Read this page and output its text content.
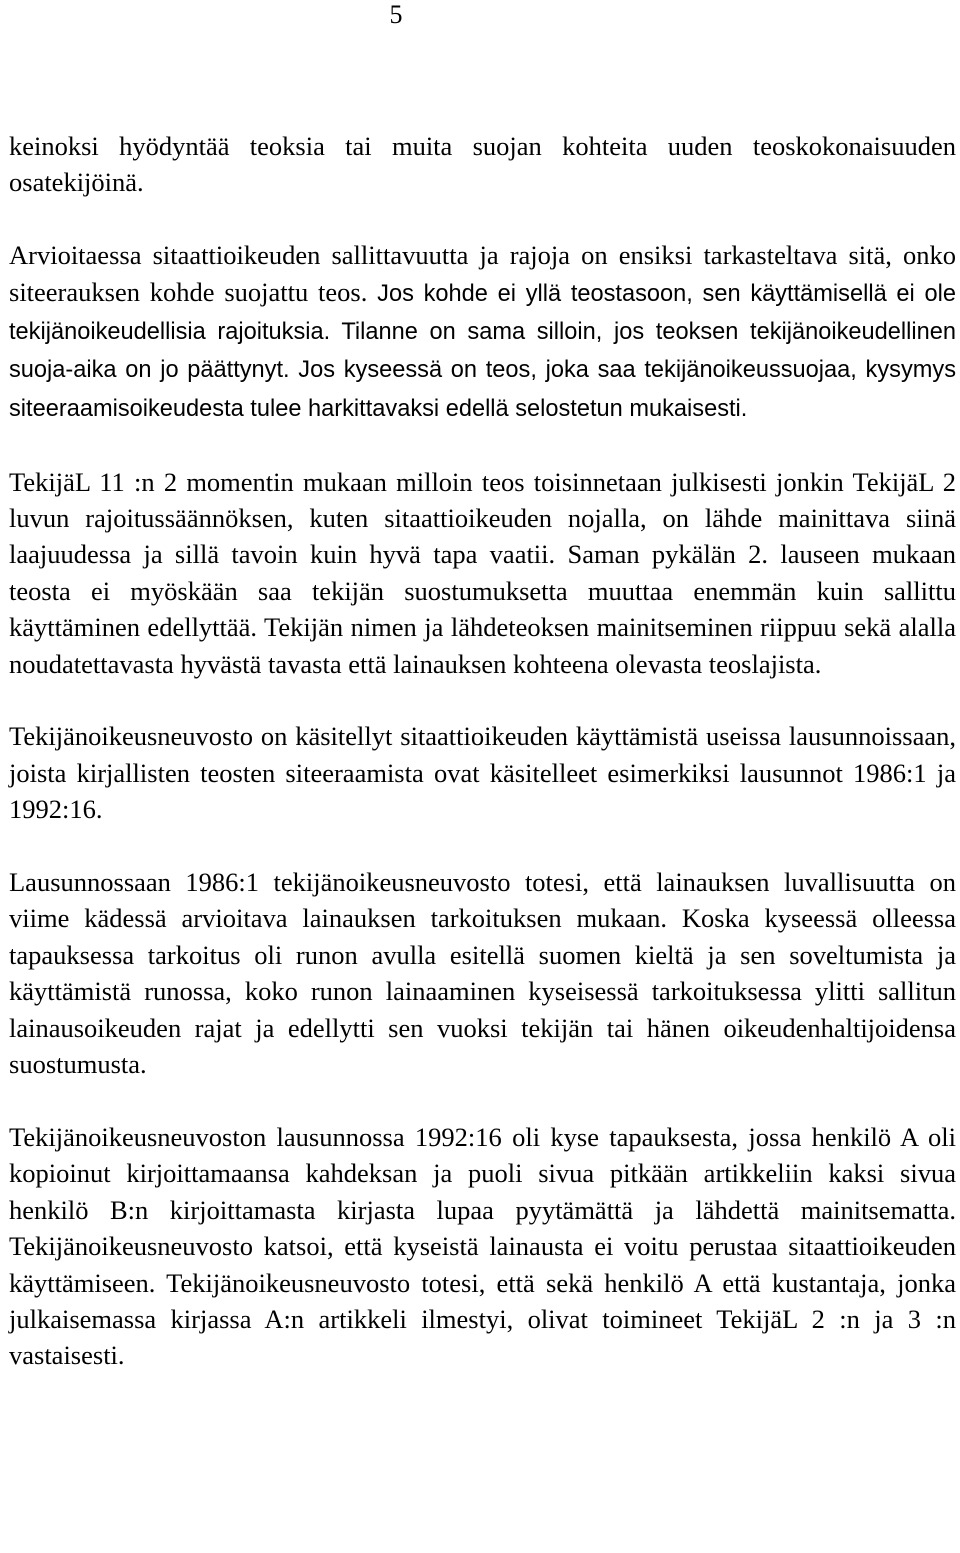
5

keinoksi hyödyntää teoksia tai muita suojan kohteita uuden teoskokonaisuuden osatekijöinä.

Arvioitaessa sitaattioikeuden sallittavuutta ja rajoja on ensiksi tarkasteltava sitä, onko siteerauksen kohde suojattu teos. Jos kohde ei yllä teostasoon, sen käyttämisellä ei ole tekijänoikeudellisia rajoituksia. Tilanne on sama silloin, jos teoksen tekijänoikeudellinen suoja-aika on jo päättynyt. Jos kyseessä on teos, joka saa tekijänoikeussuojaa, kysymys siteeraamisoikeudesta tulee harkittavaksi edellä selostetun mukaisesti.

TekijäL 11 :n 2 momentin mukaan milloin teos toisinnetaan julkisesti jonkin TekijäL 2 luvun rajoitussäännöksen, kuten sitaattioikeuden nojalla, on lähde mainittava siinä laajuudessa ja sillä tavoin kuin hyvä tapa vaatii. Saman pykälän 2. lauseen mukaan teosta ei myöskään saa tekijän suostumuksetta muuttaa enemmän kuin sallittu käyttäminen edellyttää. Tekijän nimen ja lähdeteoksen mainitseminen riippuu sekä alalla noudatettavasta hyvästä tavasta että lainauksen kohteena olevasta teoslajista.

Tekijänoikeusneuvosto on käsitellyt sitaattioikeuden käyttämistä useissa lausunnoissaan, joista kirjallisten teosten siteeraamista ovat käsitelleet esimerkiksi lausunnot 1986:1 ja 1992:16.

Lausunnossaan 1986:1 tekijänoikeusneuvosto totesi, että lainauksen luvallisuutta on viime kädessä arvioitava lainauksen tarkoituksen mukaan. Koska kyseessä olleessa tapauksessa tarkoitus oli runon avulla esitellä suomen kieltä ja sen soveltumista ja käyttämistä runossa, koko runon lainaaminen kyseisessä tarkoituksessa ylitti sallitun lainausoikeuden rajat ja edellytti sen vuoksi tekijän tai hänen oikeudenhaltijoidensa suostumusta.

Tekijänoikeusneuvoston lausunnossa 1992:16 oli kyse tapauksesta, jossa henkilö A oli kopioinut kirjoittamaansa kahdeksan ja puoli sivua pitkään artikkeliin kaksi sivua henkilö B:n kirjoittamasta kirjasta lupaa pyytämättä ja lähdettä mainitsematta. Tekijänoikeusneuvosto katsoi, että kyseistä lainausta ei voitu perustaa sitaattioikeuden käyttämiseen. Tekijänoikeusneuvosto totesi, että sekä henkilö A että kustantaja, jonka julkaisemassa kirjassa A:n artikkeli ilmestyi, olivat toimineet TekijäL 2 :n ja 3 :n vastaisesti.
